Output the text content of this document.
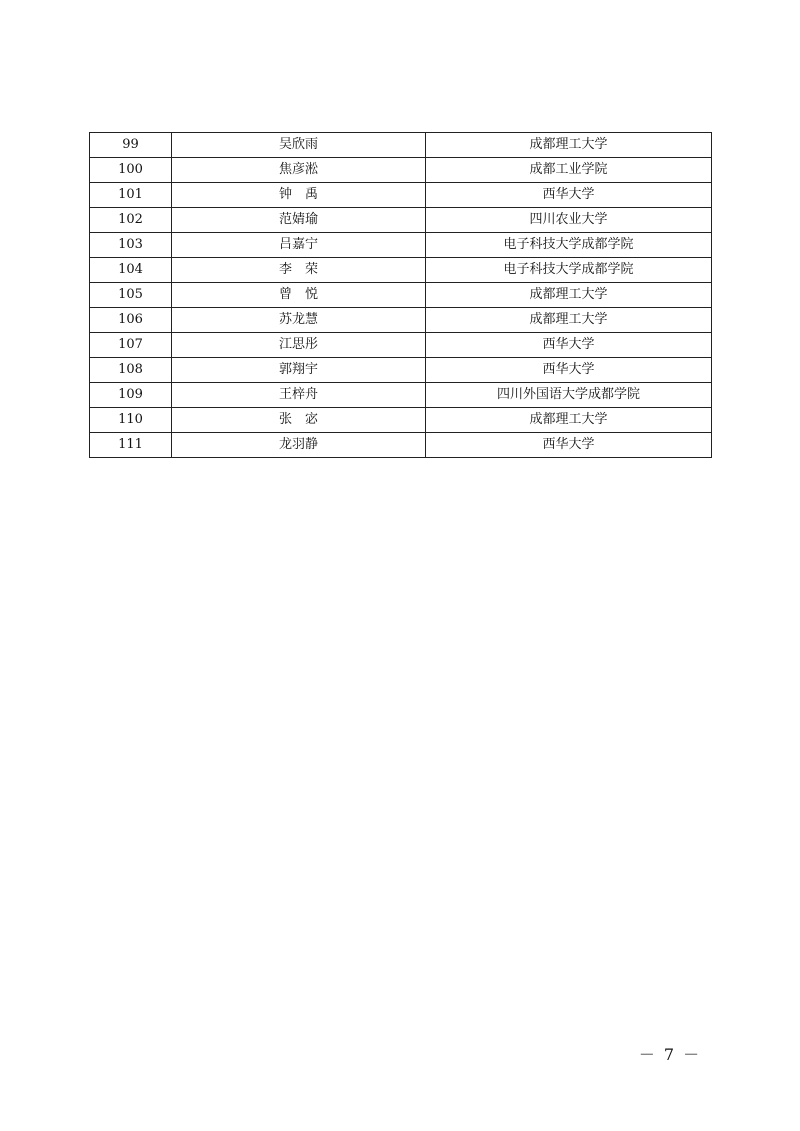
99	吴欣雨	成都理工大学
100	焦彦淞	成都工业学院
101	钟　禹	西华大学
102	范婧瑜	四川农业大学
103	吕嘉宁	电子科技大学成都学院
104	李　荣	电子科技大学成都学院
105	曾　悦	成都理工大学
106	苏龙慧	成都理工大学
107	江思彤	西华大学
108	郭翔宇	西华大学
109	王梓舟	四川外国语大学成都学院
110	张　宓	成都理工大学
111	龙羽静	西华大学
－ 7 －
